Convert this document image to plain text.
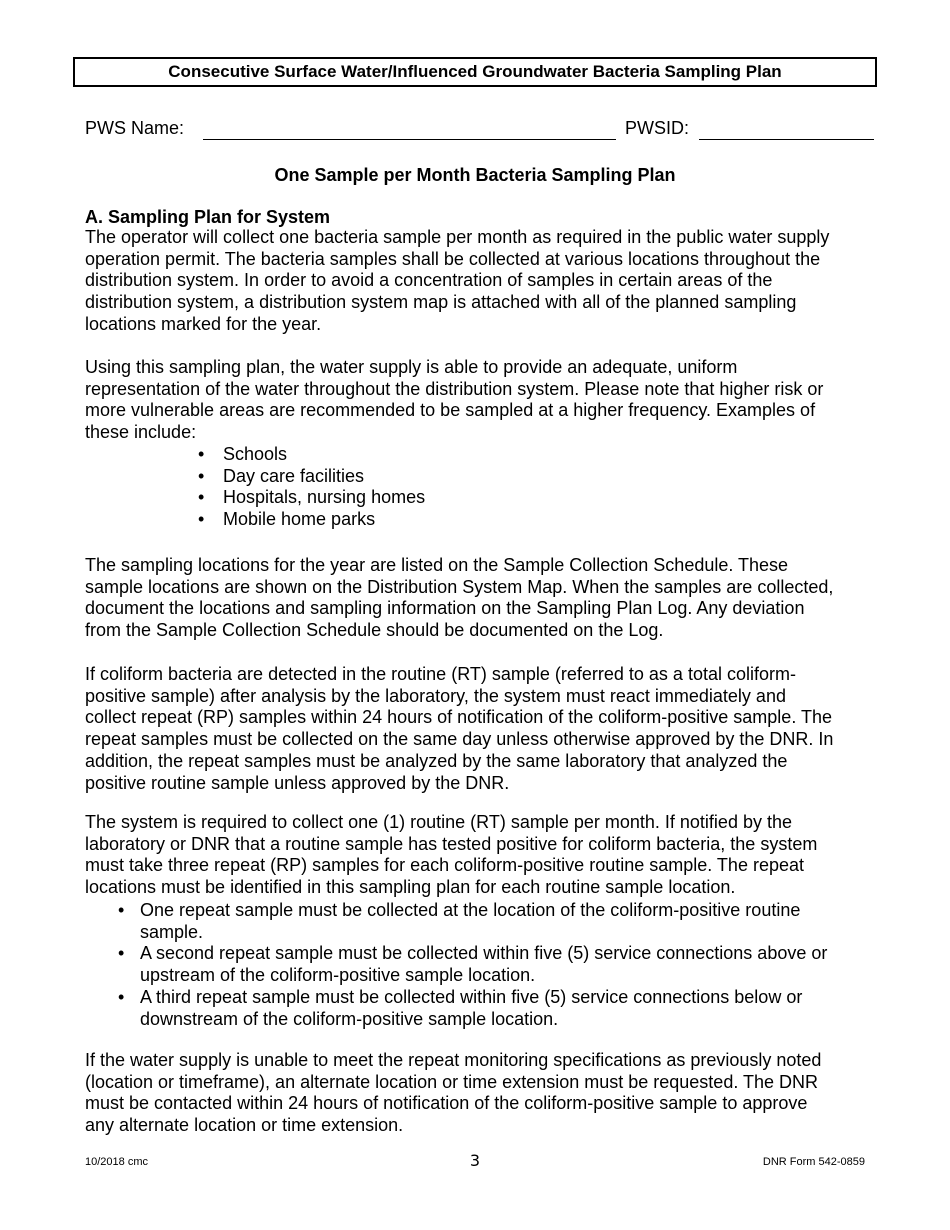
Consecutive Surface Water/Influenced Groundwater Bacteria Sampling Plan
PWS Name:	PWSID:
One Sample per Month Bacteria Sampling Plan
A. Sampling Plan for System
The operator will collect one bacteria sample per month as required in the public water supply
operation permit. The bacteria samples shall be collected at various locations throughout the
distribution system. In order to avoid a concentration of samples in certain areas of the
distribution system, a distribution system map is attached with all of the planned sampling
locations marked for the year.
Using this sampling plan, the water supply is able to provide an adequate, uniform
representation of the water throughout the distribution system. Please note that higher risk or
more vulnerable areas are recommended to be sampled at a higher frequency. Examples of
these include:
• Schools
• Day care facilities
• Hospitals, nursing homes
• Mobile home parks
The sampling locations for the year are listed on the Sample Collection Schedule. These
sample locations are shown on the Distribution System Map. When the samples are collected,
document the locations and sampling information on the Sampling Plan Log. Any deviation
from the Sample Collection Schedule should be documented on the Log.
If coliform bacteria are detected in the routine (RT) sample (referred to as a total coliform-
positive sample) after analysis by the laboratory, the system must react immediately and
collect repeat (RP) samples within 24 hours of notification of the coliform-positive sample. The
repeat samples must be collected on the same day unless otherwise approved by the DNR. In
addition, the repeat samples must be analyzed by the same laboratory that analyzed the
positive routine sample unless approved by the DNR.
The system is required to collect one (1) routine (RT) sample per month. If notified by the
laboratory or DNR that a routine sample has tested positive for coliform bacteria, the system
must take three repeat (RP) samples for each coliform-positive routine sample. The repeat
locations must be identified in this sampling plan for each routine sample location.
• One repeat sample must be collected at the location of the coliform-positive routine
sample.
• A second repeat sample must be collected within five (5) service connections above or
upstream of the coliform-positive sample location.
• A third repeat sample must be collected within five (5) service connections below or
downstream of the coliform-positive sample location.
If the water supply is unable to meet the repeat monitoring specifications as previously noted
(location or timeframe), an alternate location or time extension must be requested. The DNR
must be contacted within 24 hours of notification of the coliform-positive sample to approve
any alternate location or time extension.
10/2018 cmc	3	DNR Form 542-0859
